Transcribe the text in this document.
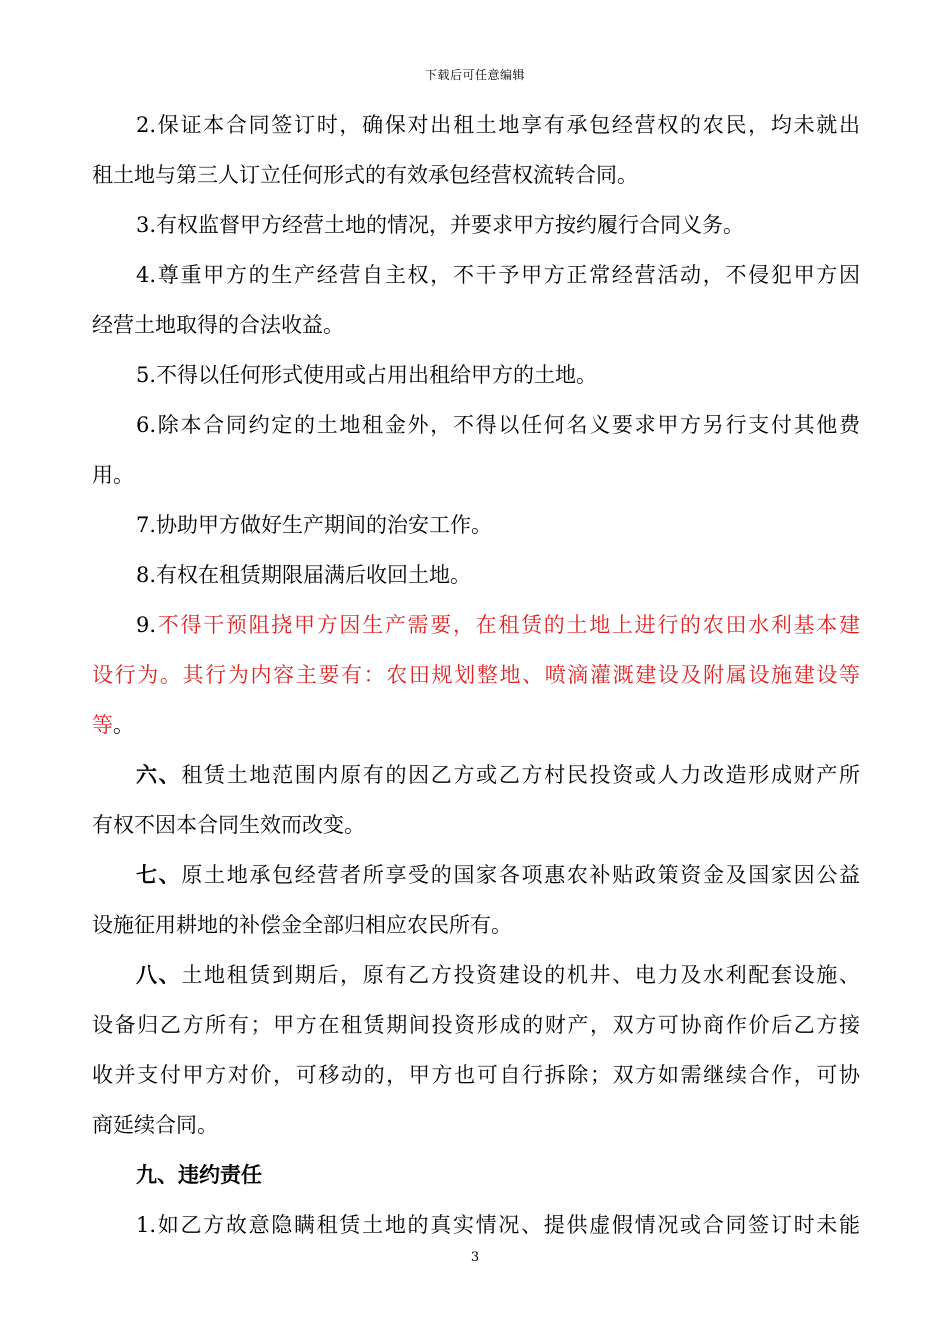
下载后可任意编辑
2.保证本合同签订时，确保对出租土地享有承包经营权的农民，均未就出
租土地与第三人订立任何形式的有效承包经营权流转合同。
3.有权监督甲方经营土地的情况，并要求甲方按约履行合同义务。
4.尊重甲方的生产经营自主权，不干予甲方正常经营活动，不侵犯甲方因
经营土地取得的合法收益。
5.不得以任何形式使用或占用出租给甲方的土地。
6.除本合同约定的土地租金外，不得以任何名义要求甲方另行支付其他费
用。
7.协助甲方做好生产期间的治安工作。
8.有权在租赁期限届满后收回土地。
9.不得干预阻挠甲方因生产需要，在租赁的土地上进行的农田水利基本建
设行为。其行为内容主要有：农田规划整地、喷滴灌溉建设及附属设施建设等
等。
六、租赁土地范围内原有的因乙方或乙方村民投资或人力改造形成财产所
有权不因本合同生效而改变。
七、原土地承包经营者所享受的国家各项惠农补贴政策资金及国家因公益
设施征用耕地的补偿金全部归相应农民所有。
八、土地租赁到期后，原有乙方投资建设的机井、电力及水利配套设施、
设备归乙方所有；甲方在租赁期间投资形成的财产，双方可协商作价后乙方接
收并支付甲方对价，可移动的，甲方也可自行拆除；双方如需继续合作，可协
商延续合同。
九、违约责任
1.如乙方故意隐瞒租赁土地的真实情况、提供虚假情况或合同签订时未能
3
